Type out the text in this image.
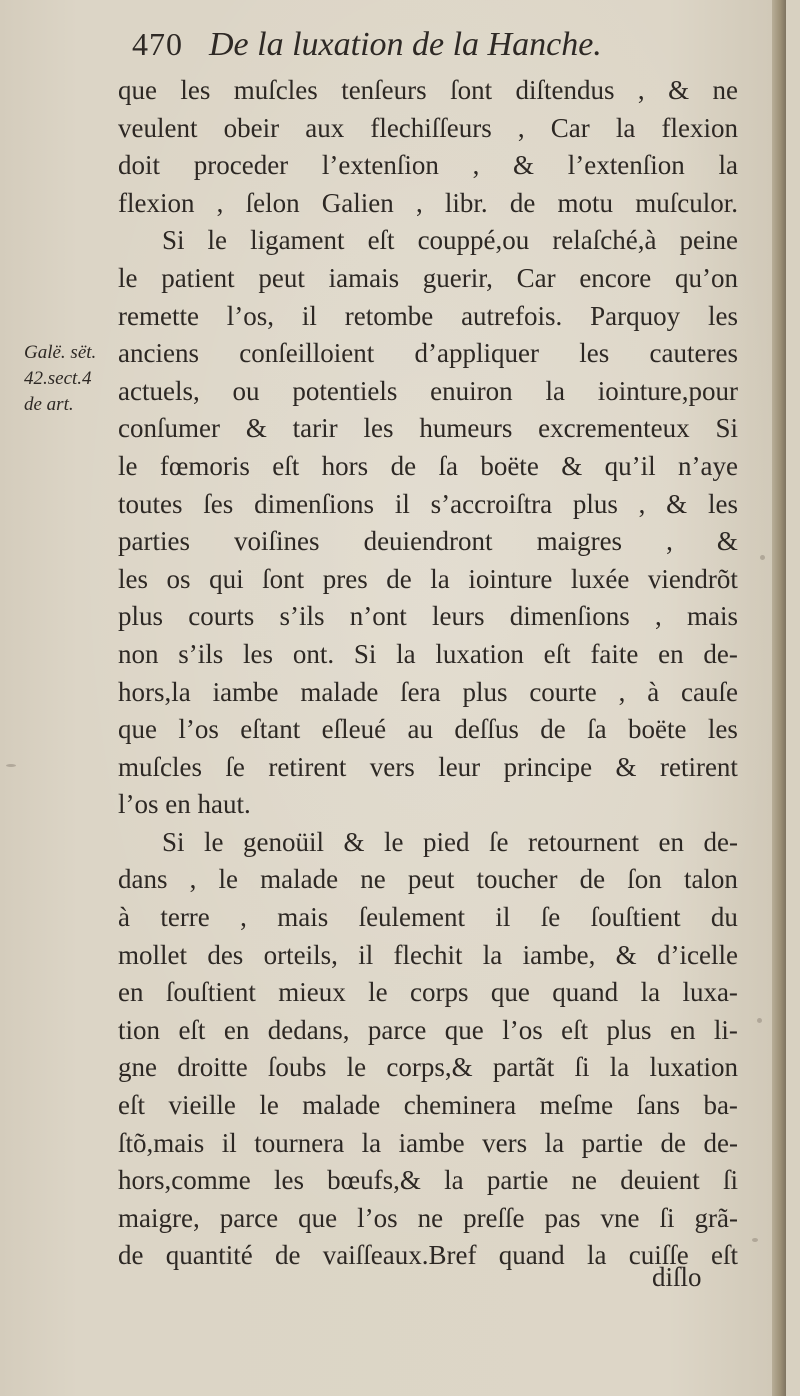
470 De la luxation de la Hanche.
Galë. sët.
42.sect.4
de art.
que les muſcles tenſeurs ſont diſtendus , & ne
veulent obeir aux flechiſſeurs , Car la flexion
doit proceder l’extenſion , & l’extenſion la
flexion , ſelon Galien , libr. de motu muſculor.
Si le ligament eſt couppé,ou relaſché,à peine
le patient peut iamais guerir, Car encore qu’on
remette l’os, il retombe autrefois. Parquoy les
anciens conſeilloient d’appliquer les cauteres
actuels, ou potentiels enuiron la iointure,pour
conſumer & tarir les humeurs excrementeux Si
le fœmoris eſt hors de ſa boëte & qu’il n’aye
toutes ſes dimenſions il s’accroiſtra plus , & les
parties voiſines deuiendront maigres , &
les os qui ſont pres de la iointure luxée viendrõt
plus courts s’ils n’ont leurs dimenſions , mais
non s’ils les ont. Si la luxation eſt faite en de-
hors,la iambe malade ſera plus courte , à cauſe
que l’os eſtant eſleué au deſſus de ſa boëte les
muſcles ſe retirent vers leur principe & retirent
l’os en haut.
Si le genoüil & le pied ſe retournent en de-
dans , le malade ne peut toucher de ſon talon
à terre , mais ſeulement il ſe ſouſtient du
mollet des orteils, il flechit la iambe, & d’icelle
en ſouſtient mieux le corps que quand la luxa-
tion eſt en dedans, parce que l’os eſt plus en li-
gne droitte ſoubs le corps,& partãt ſi la luxation
eſt vieille le malade cheminera meſme ſans ba-
ſtõ,mais il tournera la iambe vers la partie de de-
hors,comme les bœufs,& la partie ne deuient ſi
maigre, parce que l’os ne preſſe pas vne ſi grã-
de quantité de vaiſſeaux.Bref quand la cuiſſe eſt
diſlo
